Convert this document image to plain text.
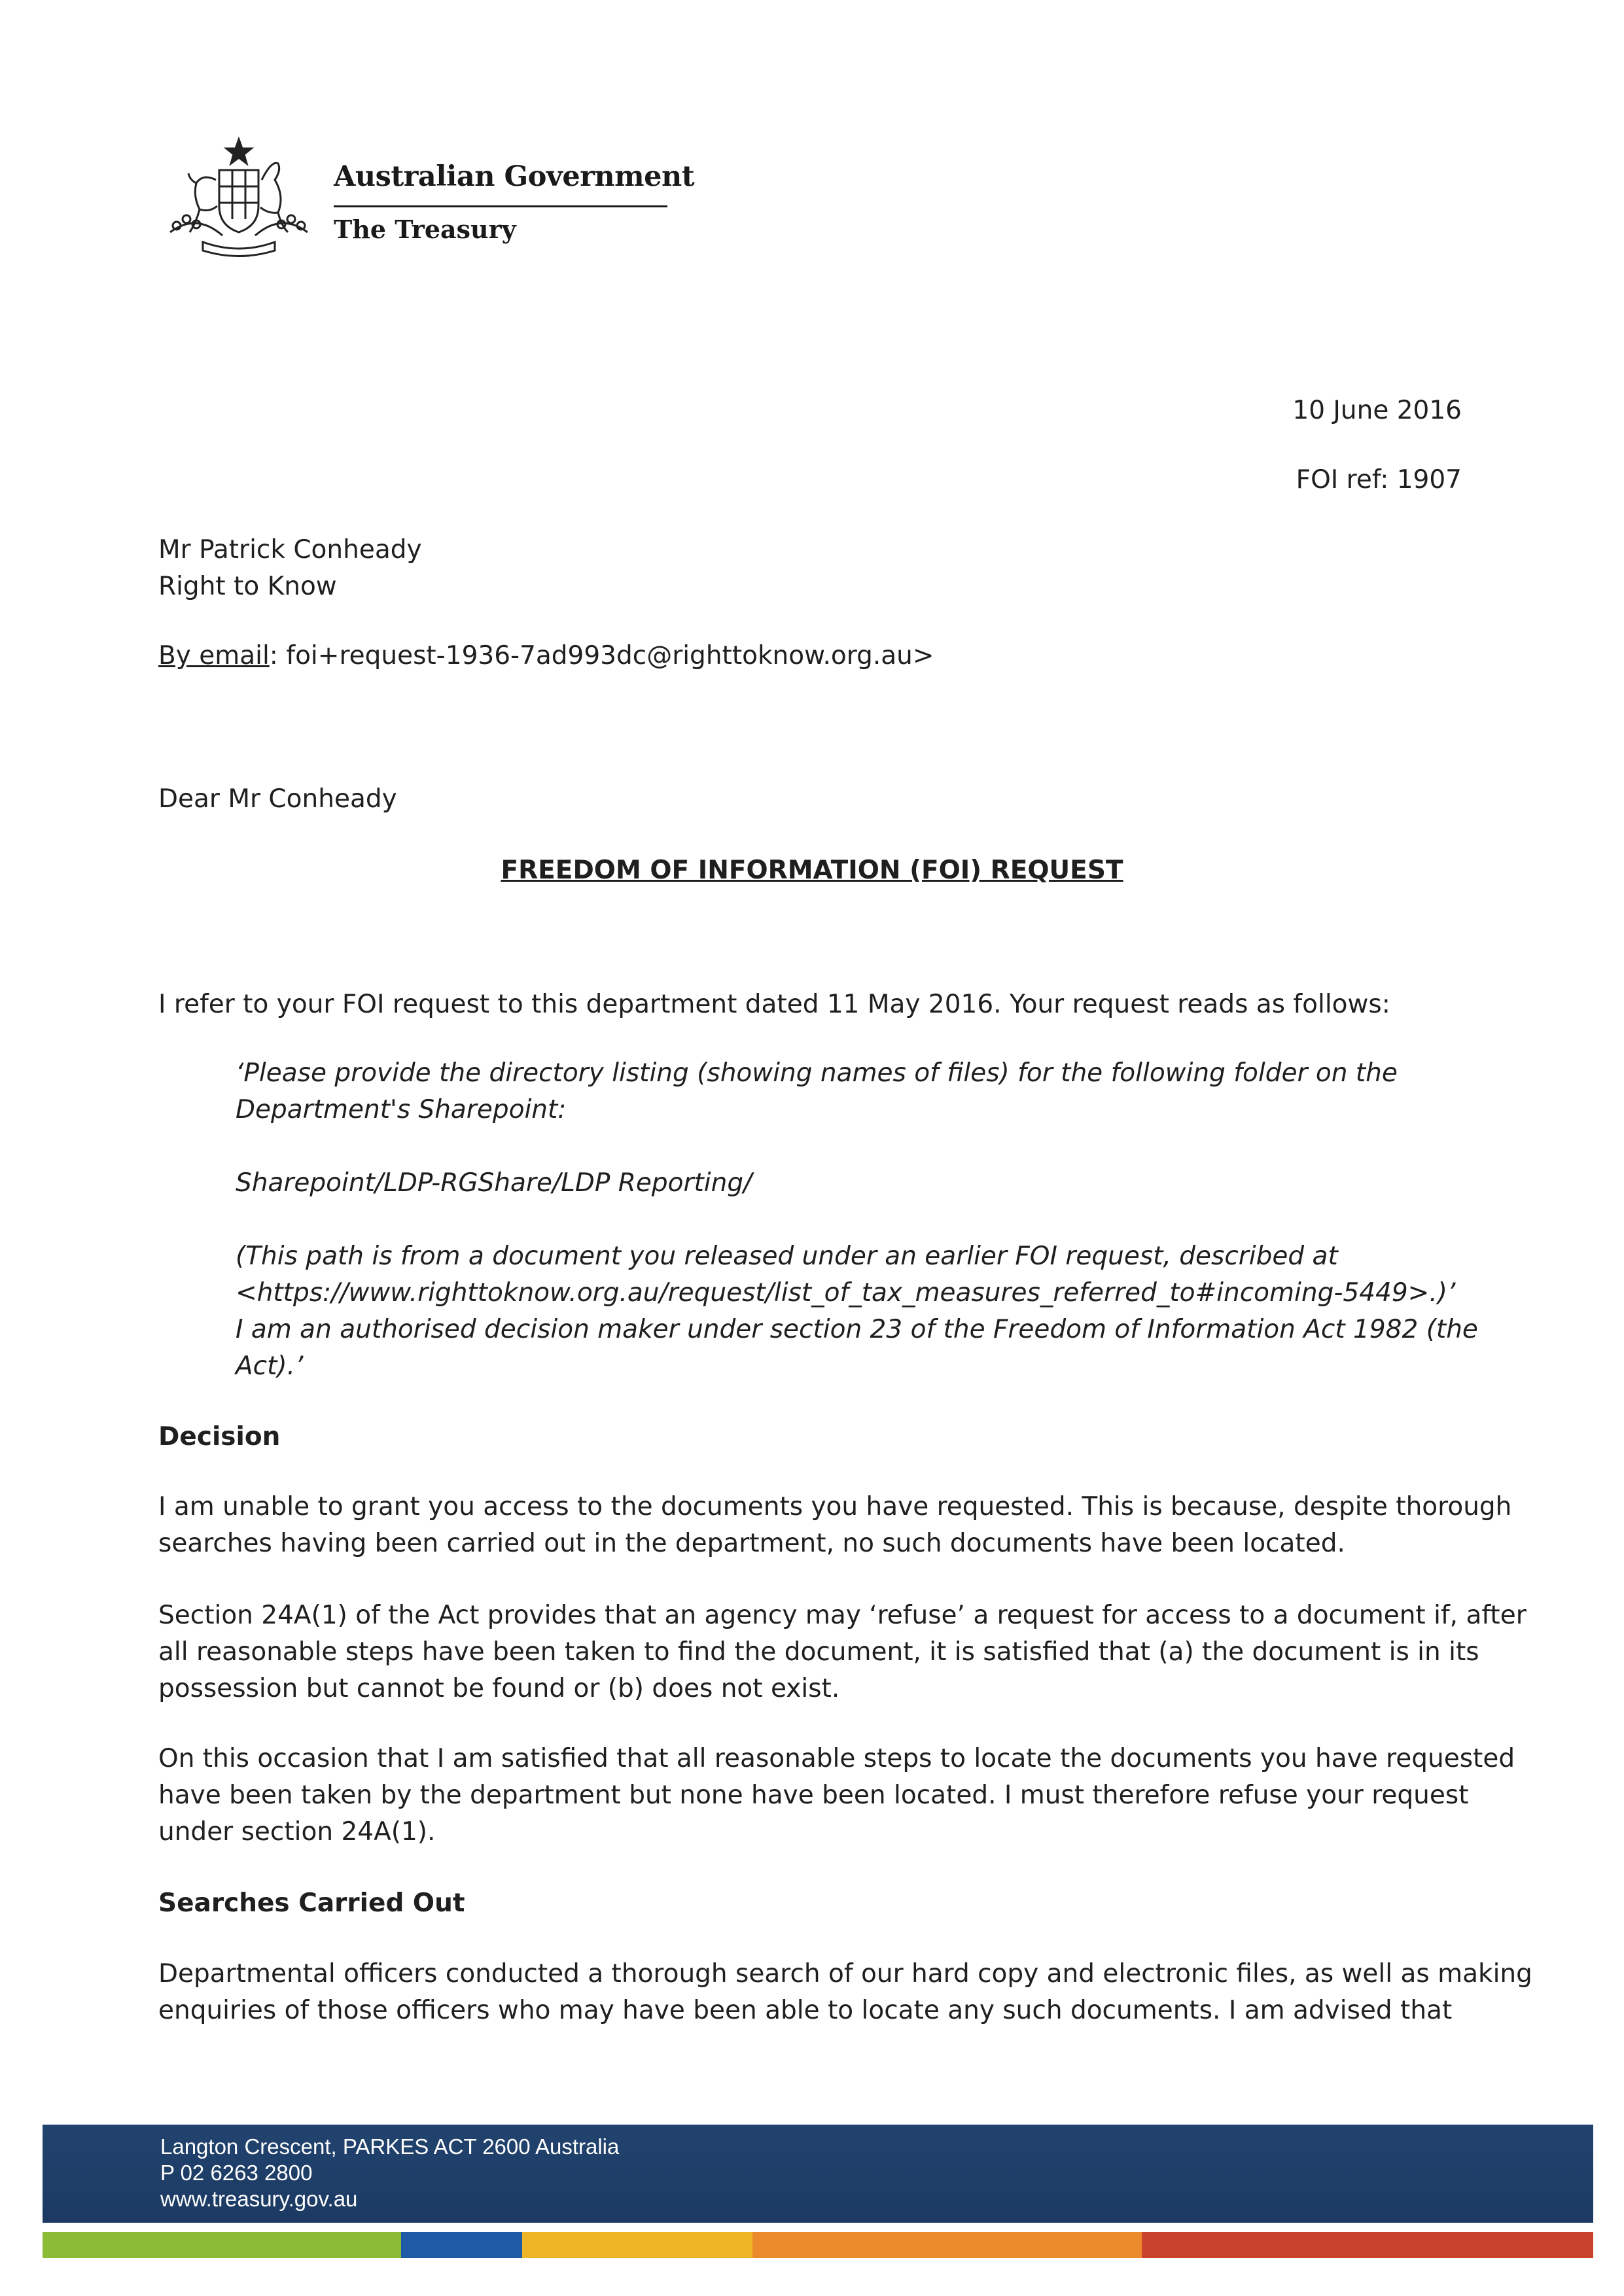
Australian Government
The Treasury
10 June 2016
FOI ref: 1907
Mr Patrick Conheady
Right to Know
By email: foi+request-1936-7ad993dc@righttoknow.org.au>
Dear Mr Conheady
FREEDOM OF INFORMATION (FOI) REQUEST
I refer to your FOI request to this department dated 11 May 2016. Your request reads as follows:
‘Please provide the directory listing (showing names of files) for the following folder on the
Department's Sharepoint:
Sharepoint/LDP-RGShare/LDP Reporting/
(This path is from a document you released under an earlier FOI request, described at
<https://www.righttoknow.org.au/request/list_of_tax_measures_referred_to#incoming-5449>.)’
I am an authorised decision maker under section 23 of the Freedom of Information Act 1982 (the
Act).’
Decision
I am unable to grant you access to the documents you have requested. This is because, despite thorough
searches having been carried out in the department, no such documents have been located.
Section 24A(1) of the Act provides that an agency may ‘refuse’ a request for access to a document if, after
all reasonable steps have been taken to find the document, it is satisfied that (a) the document is in its
possession but cannot be found or (b) does not exist.
On this occasion that I am satisfied that all reasonable steps to locate the documents you have requested
have been taken by the department but none have been located. I must therefore refuse your request
under section 24A(1).
Searches Carried Out
Departmental officers conducted a thorough search of our hard copy and electronic files, as well as making
enquiries of those officers who may have been able to locate any such documents. I am advised that
Langton Crescent, PARKES ACT 2600 Australia
P 02 6263 2800
www.treasury.gov.au
